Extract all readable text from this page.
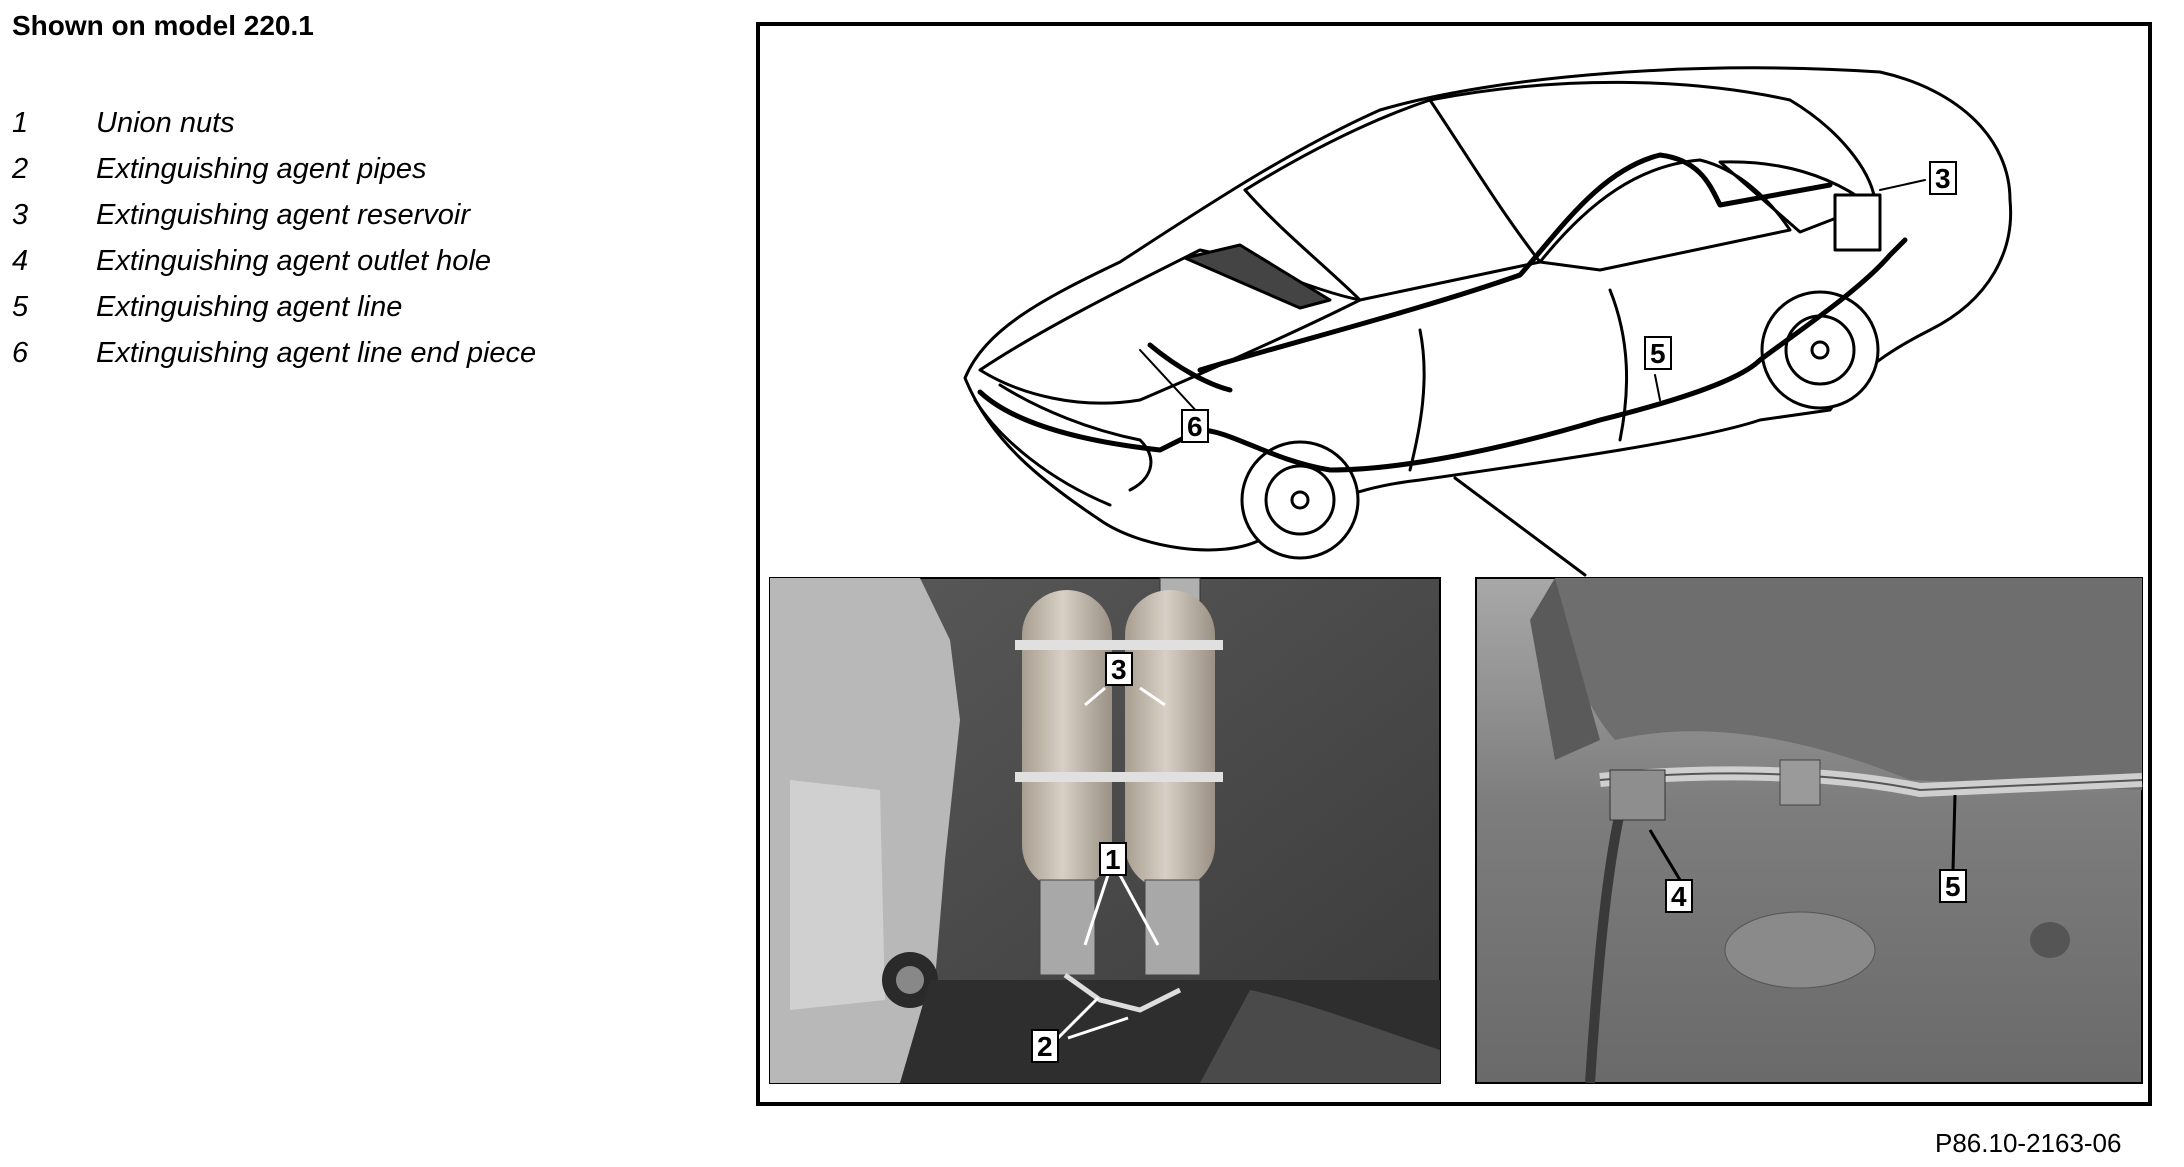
Shown on model 220.1
1	Union nuts
2	Extinguishing agent pipes
3	Extinguishing agent reservoir
4	Extinguishing agent outlet hole
5	Extinguishing agent line
6	Extinguishing agent line end piece
3
5
6
3
1
2
4	5
P86.10-2163-06
